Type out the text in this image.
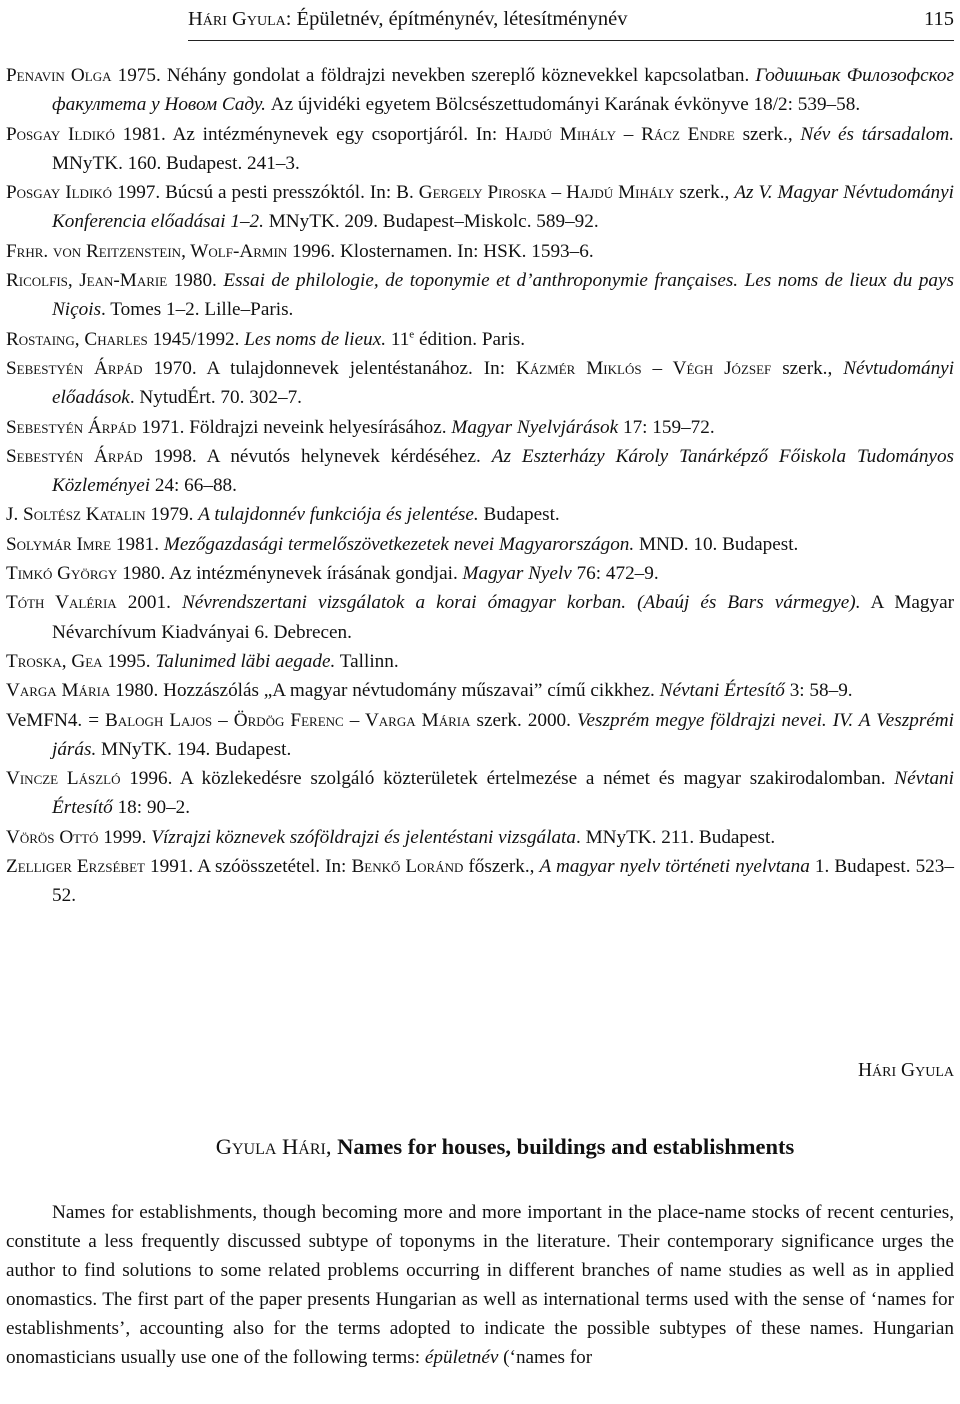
Hári Gyula: Épületnév, építménynév, létesítménynév	115
Penavin Olga 1975. Néhány gondolat a földrajzi nevekben szereplő köznevekkel kapcsolatban. Годишњак Филозофског факултета у Новом Саду. Az újvidéki egyetem Bölcsészettudományi Karának évkönyve 18/2: 539–58.
Posgay Ildikó 1981. Az intézménynevek egy csoportjáról. In: Hajdú Mihály – Rácz Endre szerk., Név és társadalom. MNyTK. 160. Budapest. 241–3.
Posgay Ildikó 1997. Búcsú a pesti presszóktól. In: B. Gergely Piroska – Hajdú Mihály szerk., Az V. Magyar Névtudományi Konferencia előadásai 1–2. MNyTK. 209. Budapest–Miskolc. 589–92.
Frhr. von Reitzenstein, Wolf-Armin 1996. Klosternamen. In: HSK. 1593–6.
Ricolfis, Jean-Marie 1980. Essai de philologie, de toponymie et d’anthroponymie françaises. Les noms de lieux du pays Niçois. Tomes 1–2. Lille–Paris.
Rostaing, Charles 1945/1992. Les noms de lieux. 11e édition. Paris.
Sebestyén Árpád 1970. A tulajdonnevek jelentéstanához. In: Kázmér Miklós – Végh József szerk., Névtudományi előadások. NytudÉrt. 70. 302–7.
Sebestyén Árpád 1971. Földrajzi neveink helyesírásához. Magyar Nyelvjárások 17: 159–72.
Sebestyén Árpád 1998. A névutós helynevek kérdéséhez. Az Eszterházy Károly Tanárképző Főiskola Tudományos Közleményei 24: 66–88.
J. Soltész Katalin 1979. A tulajdonnév funkciója és jelentése. Budapest.
Solymár Imre 1981. Mezőgazdasági termelőszövetkezetek nevei Magyarországon. MND. 10. Budapest.
Timkó György 1980. Az intézménynevek írásának gondjai. Magyar Nyelv 76: 472–9.
Tóth Valéria 2001. Névrendszertani vizsgálatok a korai ómagyar korban. (Abaúj és Bars vármegye). A Magyar Névarchívum Kiadványai 6. Debrecen.
Troska, Gea 1995. Talunimed läbi aegade. Tallinn.
Varga Mária 1980. Hozzászólás „A magyar névtudomány műszavai” című cikkhez. Névtani Értesítő 3: 58–9.
VeMFN4. = Balogh Lajos – Ördög Ferenc – Varga Mária szerk. 2000. Veszprém megye földrajzi nevei. IV. A Veszprémi járás. MNyTK. 194. Budapest.
Vincze László 1996. A közlekedésre szolgáló közterületek értelmezése a német és magyar szakirodalomban. Névtani Értesítő 18: 90–2.
Vörös Ottó 1999. Vízrajzi köznevek szóföldrajzi és jelentéstani vizsgálata. MNyTK. 211. Budapest.
Zelliger Erzsébet 1991. A szóösszetétel. In: Benkő Loránd főszerk., A magyar nyelv történeti nyelvtana 1. Budapest. 523–52.
Hári Gyula
Gyula Hári, Names for houses, buildings and establishments
Names for establishments, though becoming more and more important in the place-name stocks of recent centuries, constitute a less frequently discussed subtype of toponyms in the literature. Their contemporary significance urges the author to find solutions to some related problems occurring in different branches of name studies as well as in applied onomastics. The first part of the paper presents Hungarian as well as international terms used with the sense of ‘names for establishments’, accounting also for the terms adopted to indicate the possible subtypes of these names. Hungarian onomasticians usually use one of the following terms: épületnév (‘names for
